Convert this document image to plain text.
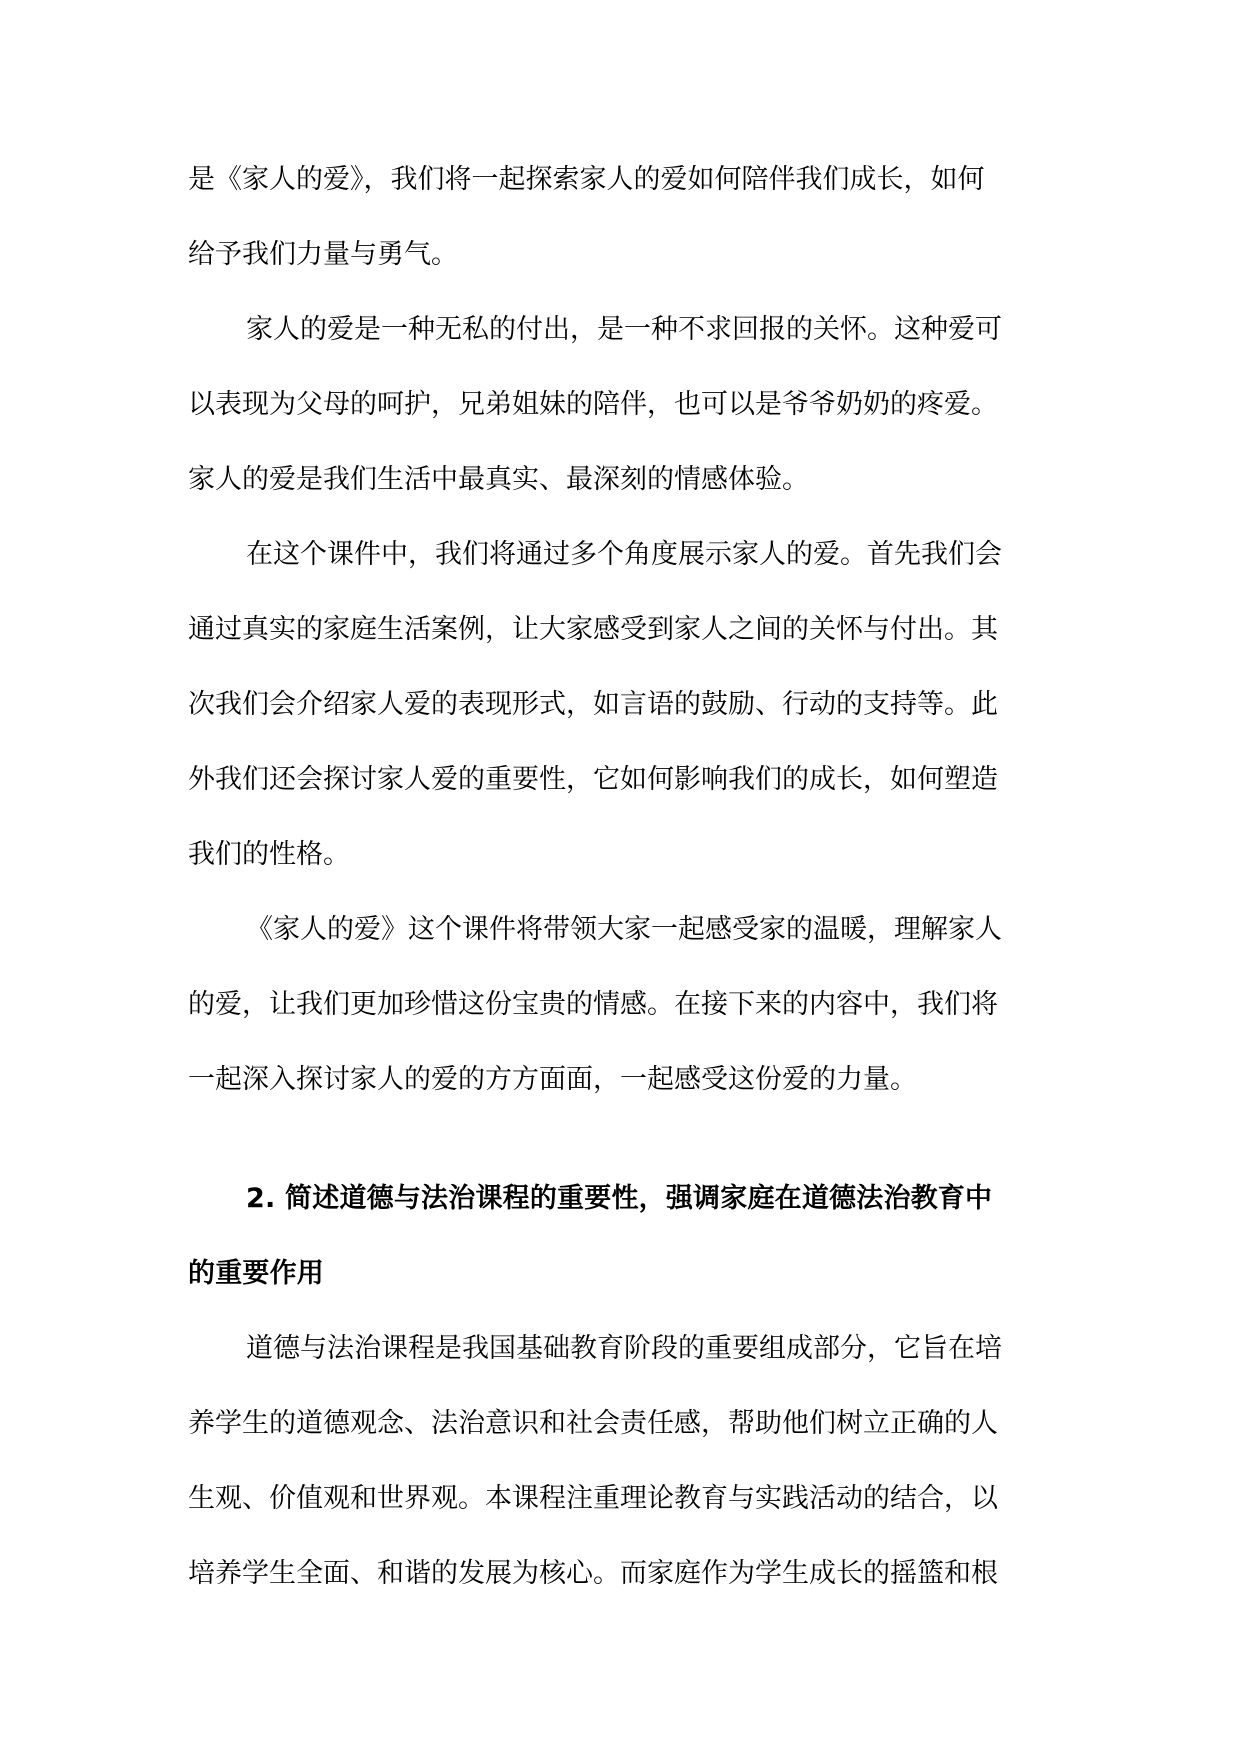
是《家人的爱》，我们将一起探索家人的爱如何陪伴我们成长，如何
给予我们力量与勇气。
家人的爱是一种无私的付出，是一种不求回报的关怀。这种爱可
以表现为父母的呵护，兄弟姐妹的陪伴，也可以是爷爷奶奶的疼爱。
家人的爱是我们生活中最真实、最深刻的情感体验。
在这个课件中，我们将通过多个角度展示家人的爱。首先我们会
通过真实的家庭生活案例，让大家感受到家人之间的关怀与付出。其
次我们会介绍家人爱的表现形式，如言语的鼓励、行动的支持等。此
外我们还会探讨家人爱的重要性，它如何影响我们的成长，如何塑造
我们的性格。
《家人的爱》这个课件将带领大家一起感受家的温暖，理解家人
的爱，让我们更加珍惜这份宝贵的情感。在接下来的内容中，我们将
一起深入探讨家人的爱的方方面面，一起感受这份爱的力量。
2. 简述道德与法治课程的重要性，强调家庭在道德法治教育中
的重要作用
道德与法治课程是我国基础教育阶段的重要组成部分，它旨在培
养学生的道德观念、法治意识和社会责任感，帮助他们树立正确的人
生观、价值观和世界观。本课程注重理论教育与实践活动的结合，以
培养学生全面、和谐的发展为核心。而家庭作为学生成长的摇篮和根
